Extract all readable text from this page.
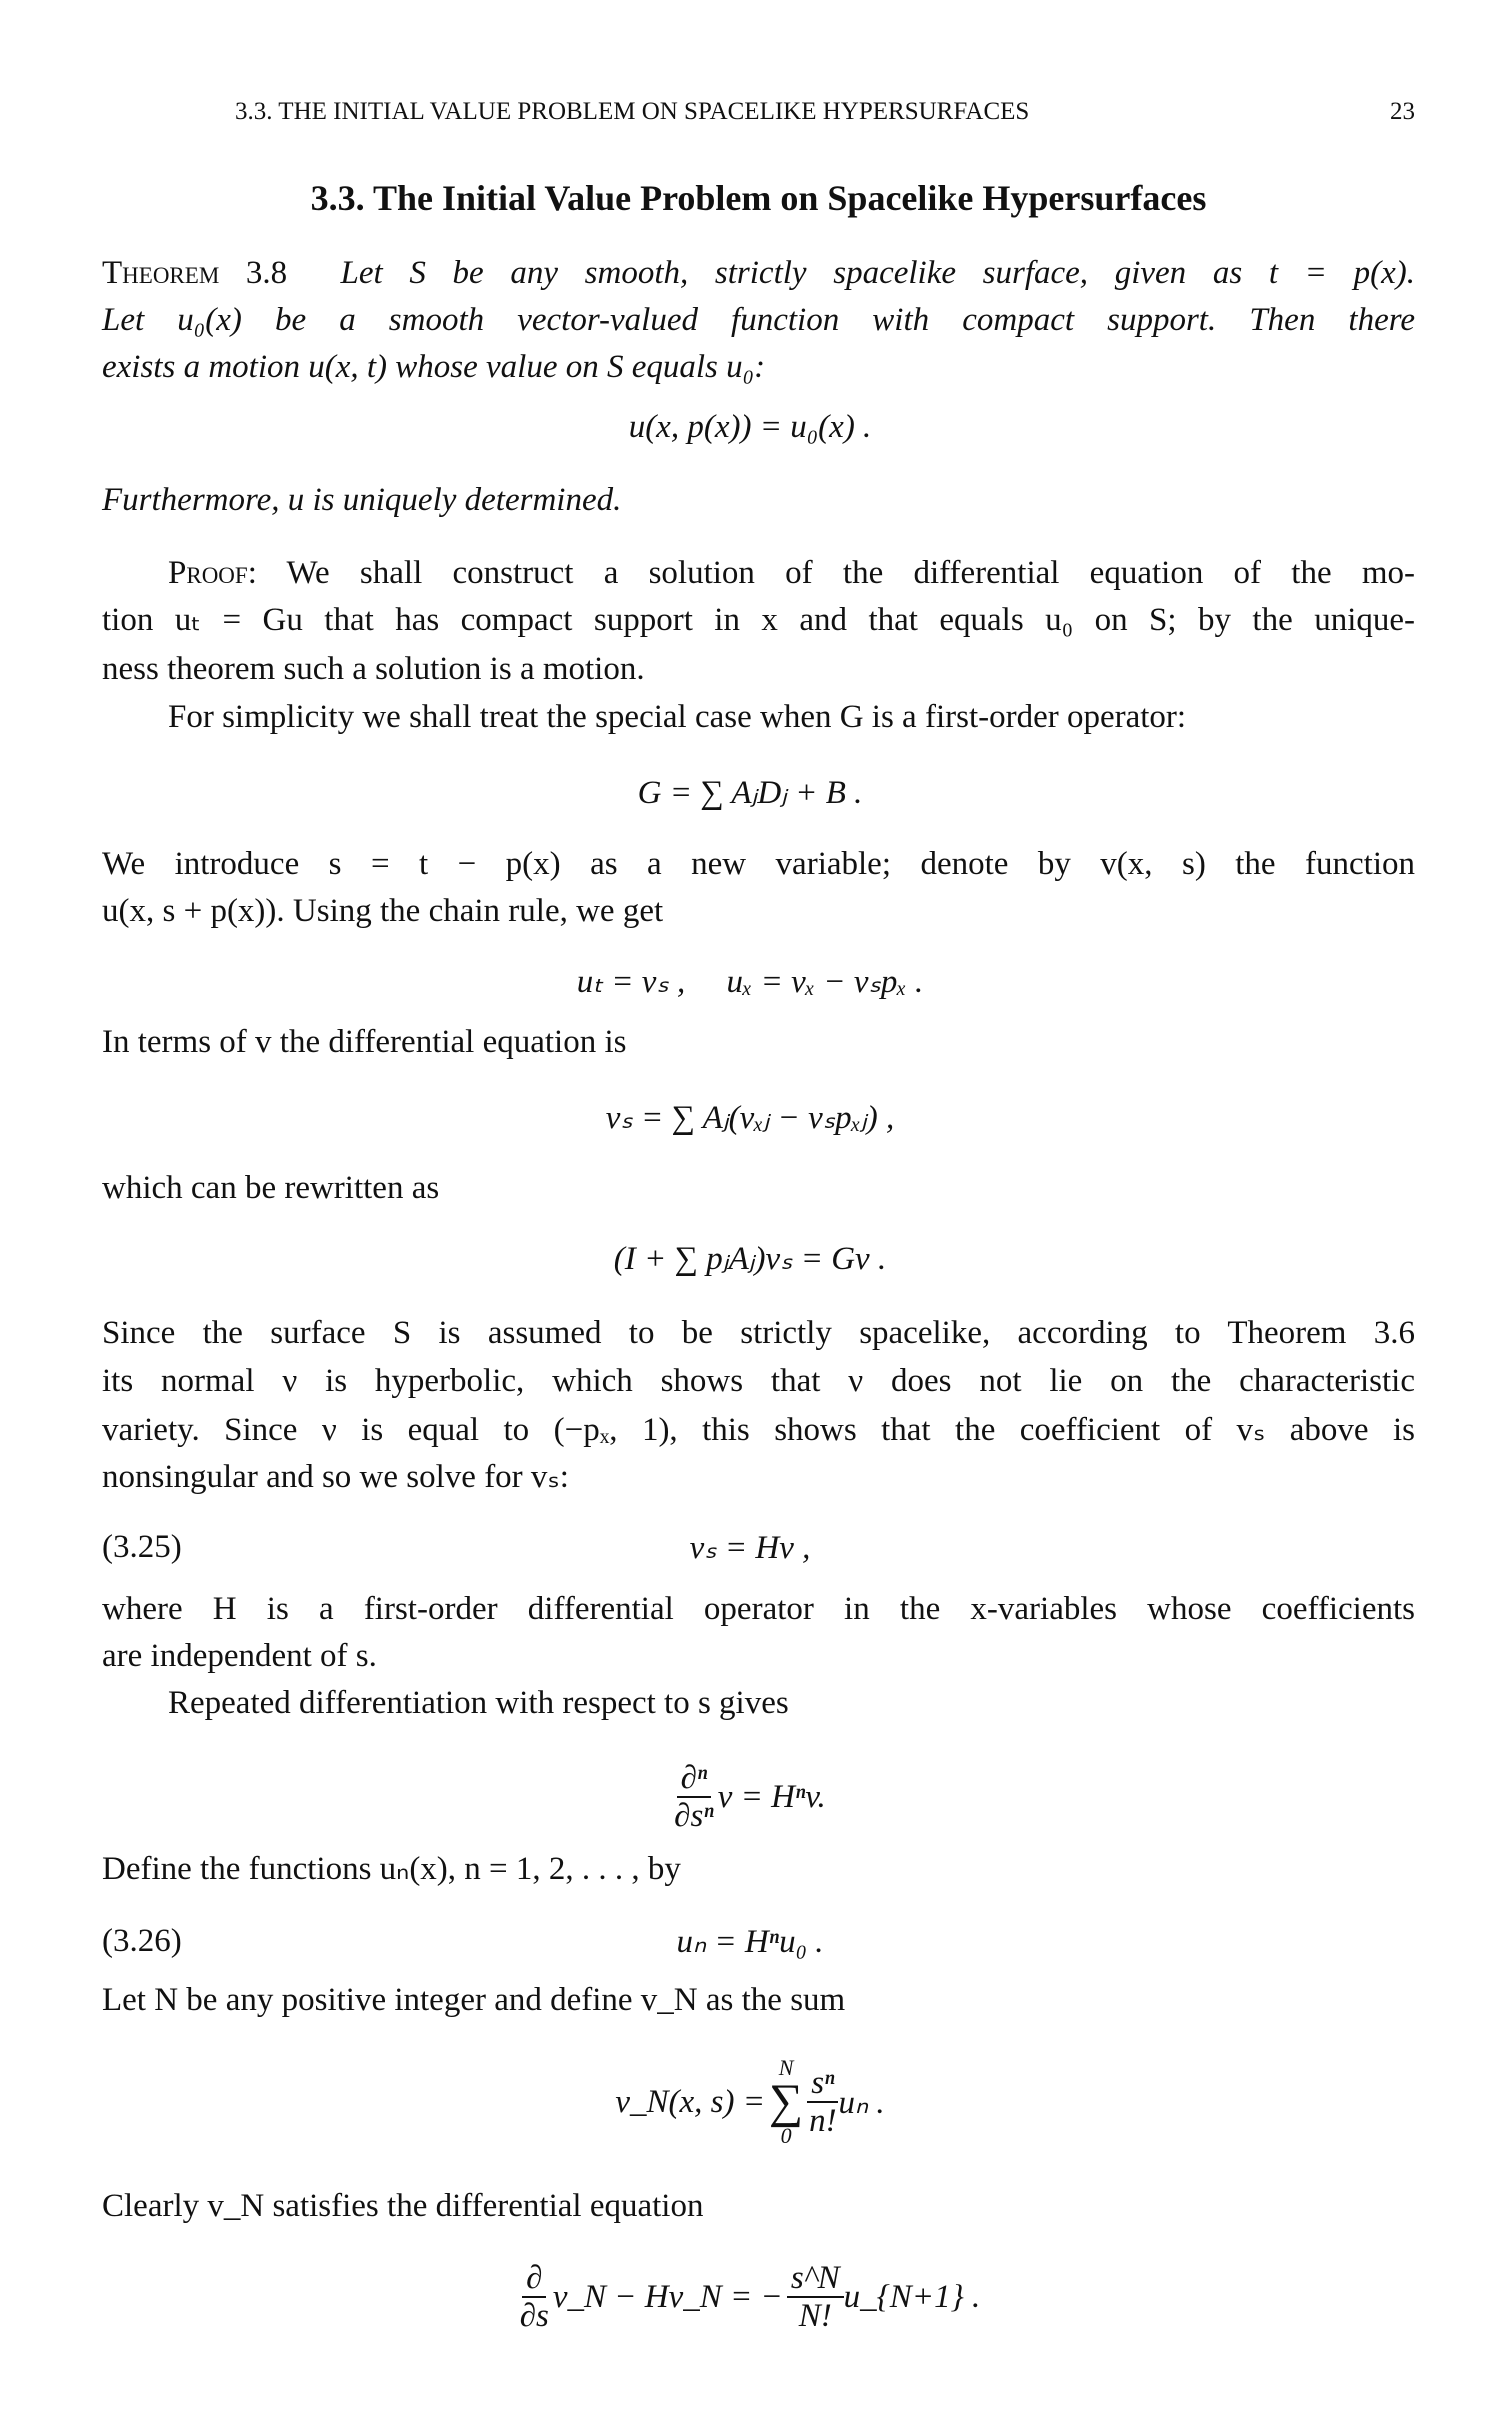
3.3. THE INITIAL VALUE PROBLEM ON SPACELIKE HYPERSURFACES	23
3.3. The Initial Value Problem on Spacelike Hypersurfaces
Theorem 3.8 Let S be any smooth, strictly spacelike surface, given as t = p(x).
Let u₀(x) be a smooth vector-valued function with compact support. Then there
exists a motion u(x, t) whose value on S equals u₀:
u(x, p(x)) = u₀(x) .
Furthermore, u is uniquely determined.
Proof: We shall construct a solution of the differential equation of the mo-
tion uₜ = Gu that has compact support in x and that equals u₀ on S; by the unique-
ness theorem such a solution is a motion.
For simplicity we shall treat the special case when G is a first-order operator:
G = ∑ AⱼDⱼ + B .
We introduce s = t − p(x) as a new variable; denote by v(x, s) the function
u(x, s + p(x)). Using the chain rule, we get
uₜ = vₛ ,     uₓ = vₓ − vₛpₓ .
In terms of v the differential equation is
vₛ = ∑ Aⱼ(vₓⱼ − vₛpₓⱼ) ,
which can be rewritten as
(I + ∑ pⱼAⱼ)vₛ = Gv .
Since the surface S is assumed to be strictly spacelike, according to Theorem 3.6
its normal ν is hyperbolic, which shows that ν does not lie on the characteristic
variety. Since ν is equal to (−pₓ, 1), this shows that the coefficient of vₛ above is
nonsingular and so we solve for vₛ:
(3.25)	vₛ = Hv ,
where H is a first-order differential operator in the x-variables whose coefficients
are independent of s.
Repeated differentiation with respect to s gives
$\frac{\text{∂ⁿ}}{\text{∂sⁿ}}$ v = Hⁿv.
Define the functions uₙ(x), n = 1, 2, . . . , by
(3.26)	uₙ = Hⁿu₀ .
Let N be any positive integer and define v_N as the sum
v_N(x, s) =
N
∑
$0 \frac{\text{sⁿ}}{n!}$ uₙ .
Clearly v_N satisfies the differential equation
$\frac{\partial}{\partial s}$ v_N − Hv_N = − $\frac{s\^{}N}{N!}$ u_{N+1} .
